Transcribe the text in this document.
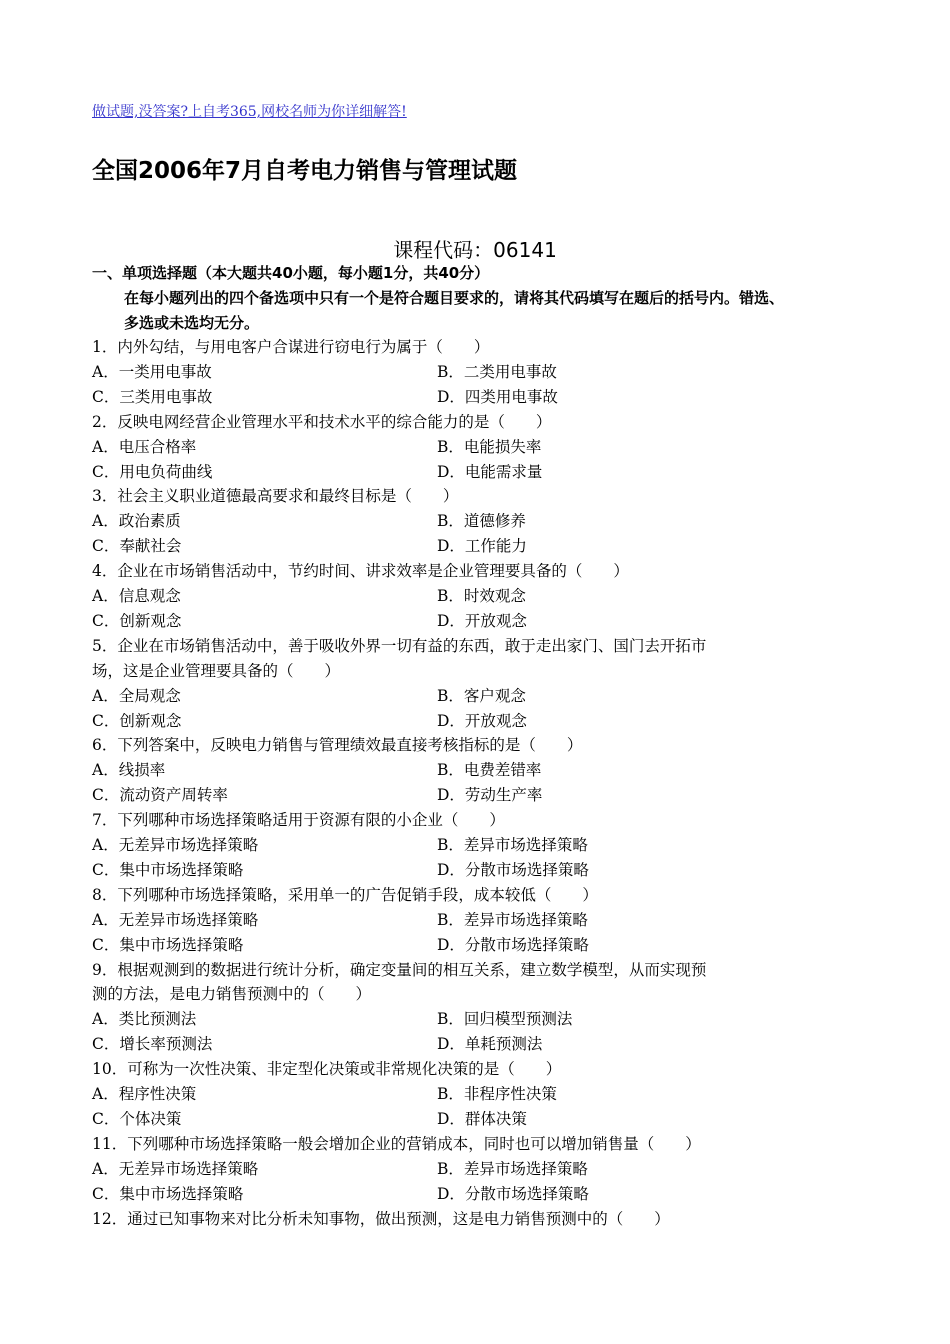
做试题,没答案?上自考365,网校名师为你详细解答!
全国2006年7月自考电力销售与管理试题
课程代码：06141
一、单项选择题（本大题共40小题，每小题1分，共40分）
在每小题列出的四个备选项中只有一个是符合题目要求的，请将其代码填写在题后的括号内。错选、
多选或未选均无分。
1．内外勾结，与用电客户合谋进行窃电行为属于（　　）
A．一类用电事故	B．二类用电事故
C．三类用电事故	D．四类用电事故
2．反映电网经营企业管理水平和技术水平的综合能力的是（　　）
A．电压合格率	B．电能损失率
C．用电负荷曲线	D．电能需求量
3．社会主义职业道德最高要求和最终目标是（　　）
A．政治素质	B．道德修养
C．奉献社会	D．工作能力
4．企业在市场销售活动中，节约时间、讲求效率是企业管理要具备的（　　）
A．信息观念	B．时效观念
C．创新观念	D．开放观念
5．企业在市场销售活动中，善于吸收外界一切有益的东西，敢于走出家门、国门去开拓市
场，这是企业管理要具备的（　　）
A．全局观念	B．客户观念
C．创新观念	D．开放观念
6．下列答案中，反映电力销售与管理绩效最直接考核指标的是（　　）
A．线损率	B．电费差错率
C．流动资产周转率	D．劳动生产率
7．下列哪种市场选择策略适用于资源有限的小企业（　　）
A．无差异市场选择策略	B．差异市场选择策略
C．集中市场选择策略	D．分散市场选择策略
8．下列哪种市场选择策略，采用单一的广告促销手段，成本较低（　　）
A．无差异市场选择策略	B．差异市场选择策略
C．集中市场选择策略	D．分散市场选择策略
9．根据观测到的数据进行统计分析，确定变量间的相互关系，建立数学模型，从而实现预
测的方法，是电力销售预测中的（　　）
A．类比预测法	B．回归模型预测法
C．增长率预测法	D．单耗预测法
10．可称为一次性决策、非定型化决策或非常规化决策的是（　　）
A．程序性决策	B．非程序性决策
C．个体决策	D．群体决策
11．下列哪种市场选择策略一般会增加企业的营销成本，同时也可以增加销售量（　　）
A．无差异市场选择策略	B．差异市场选择策略
C．集中市场选择策略	D．分散市场选择策略
12．通过已知事物来对比分析未知事物，做出预测，这是电力销售预测中的（　　）
